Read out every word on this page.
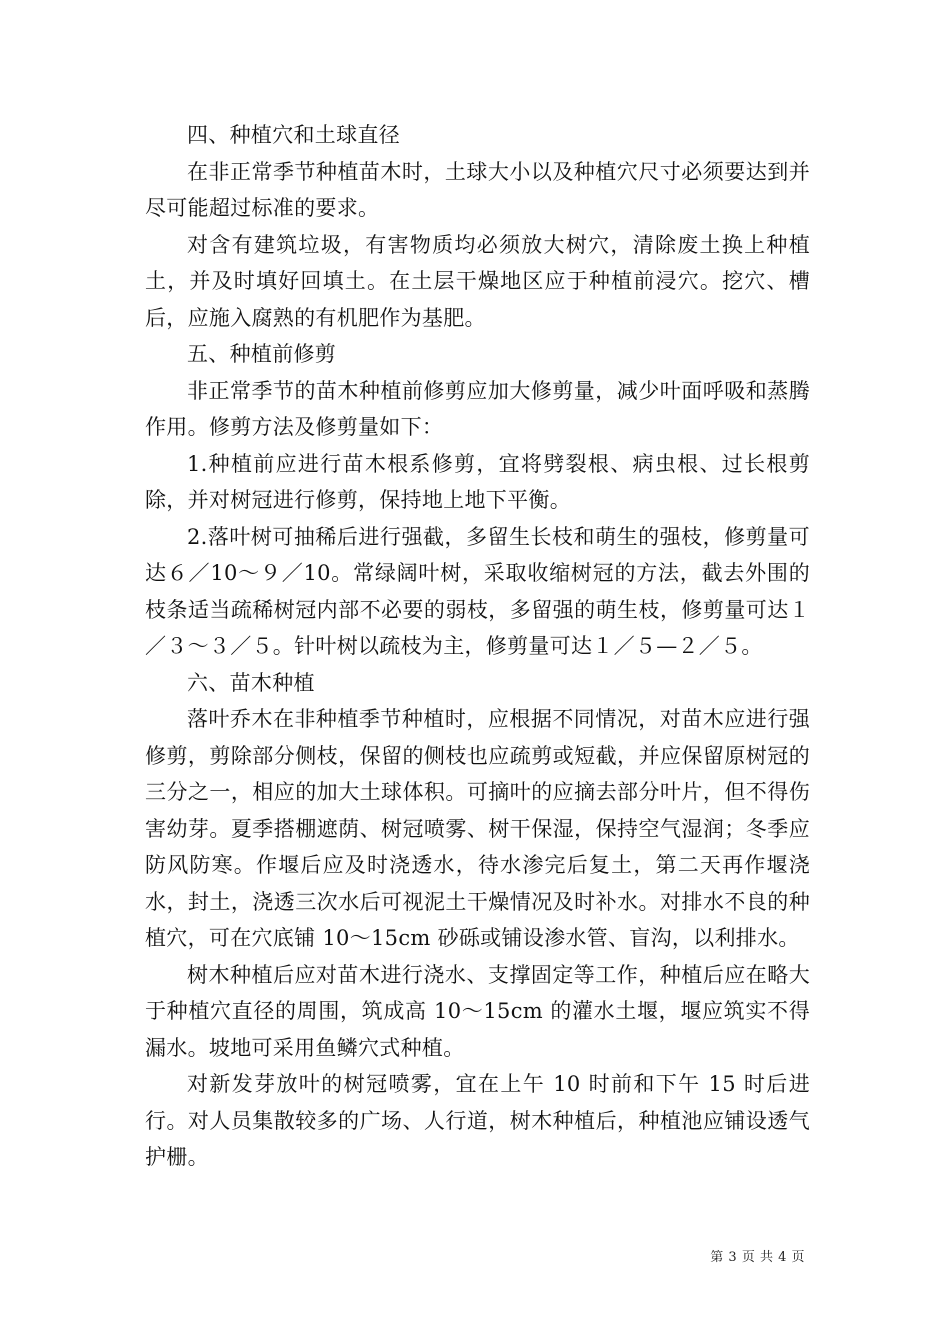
四、种植穴和土球直径

在非正常季节种植苗木时，土球大小以及种植穴尺寸必须要达到并尽可能超过标准的要求。

对含有建筑垃圾，有害物质均必须放大树穴，清除废土换上种植土，并及时填好回填土。在土层干燥地区应于种植前浸穴。挖穴、槽后，应施入腐熟的有机肥作为基肥。

五、种植前修剪

非正常季节的苗木种植前修剪应加大修剪量，减少叶面呼吸和蒸腾作用。修剪方法及修剪量如下：

1.种植前应进行苗木根系修剪，宜将劈裂根、病虫根、过长根剪除，并对树冠进行修剪，保持地上地下平衡。

2.落叶树可抽稀后进行强截，多留生长枝和萌生的强枝，修剪量可达６／10～９／10。常绿阔叶树，采取收缩树冠的方法，截去外围的枝条适当疏稀树冠内部不必要的弱枝，多留强的萌生枝，修剪量可达１／３～３／５。针叶树以疏枝为主，修剪量可达１／５—２／５。

六、苗木种植

落叶乔木在非种植季节种植时，应根据不同情况，对苗木应进行强修剪，剪除部分侧枝，保留的侧枝也应疏剪或短截，并应保留原树冠的三分之一，相应的加大土球体积。可摘叶的应摘去部分叶片，但不得伤害幼芽。夏季搭棚遮荫、树冠喷雾、树干保湿，保持空气湿润；冬季应防风防寒。作堰后应及时浇透水，待水渗完后复土，第二天再作堰浇水，封土，浇透三次水后可视泥土干燥情况及时补水。对排水不良的种植穴，可在穴底铺 10～15cm 砂砾或铺设渗水管、盲沟，以利排水。

树木种植后应对苗木进行浇水、支撑固定等工作，种植后应在略大于种植穴直径的周围，筑成高 10～15cm 的灌水土堰，堰应筑实不得漏水。坡地可采用鱼鳞穴式种植。

对新发芽放叶的树冠喷雾，宜在上午 10 时前和下午 15 时后进行。对人员集散较多的广场、人行道，树木种植后，种植池应铺设透气护栅。

第 3 页 共 4 页
